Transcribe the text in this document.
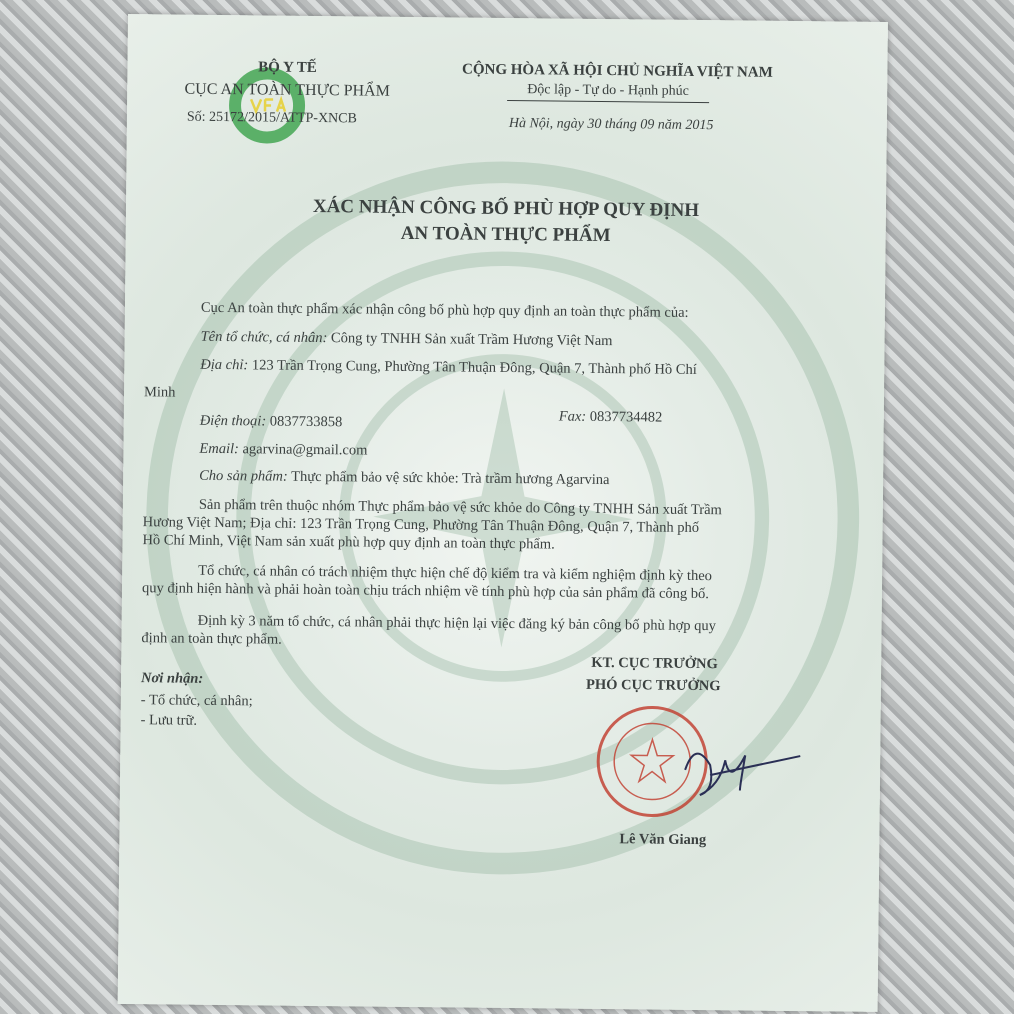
BỘ Y TẾ
CỤC AN TOÀN THỰC PHẨM
Số: 25172/2015/ATTP-XNCB
CỘNG HÒA XÃ HỘI CHỦ NGHĨA VIỆT NAM
Độc lập - Tự do - Hạnh phúc
Hà Nội, ngày 30 tháng 09 năm 2015
XÁC NHẬN CÔNG BỐ PHÙ HỢP QUY ĐỊNH
AN TOÀN THỰC PHẨM
Cục An toàn thực phẩm xác nhận công bố phù hợp quy định an toàn thực phẩm của:
Tên tổ chức, cá nhân: Công ty TNHH Sản xuất Trầm Hương Việt Nam
Địa chỉ: 123 Trần Trọng Cung, Phường Tân Thuận Đông, Quận 7, Thành phố Hồ Chí
Minh
Điện thoại: 0837733858	Fax: 0837734482
Email: agarvina@gmail.com
Cho sản phẩm: Thực phẩm bảo vệ sức khỏe: Trà trầm hương Agarvina
Sản phẩm trên thuộc nhóm Thực phẩm bảo vệ sức khỏe do Công ty TNHH Sản xuất Trầm
Hương Việt Nam; Địa chỉ: 123 Trần Trọng Cung, Phường Tân Thuận Đông, Quận 7, Thành phố
Hồ Chí Minh, Việt Nam sản xuất phù hợp quy định an toàn thực phẩm.
Tổ chức, cá nhân có trách nhiệm thực hiện chế độ kiểm tra và kiểm nghiệm định kỳ theo
quy định hiện hành và phải hoàn toàn chịu trách nhiệm về tính phù hợp của sản phẩm đã công bố.
Định kỳ 3 năm tổ chức, cá nhân phải thực hiện lại việc đăng ký bản công bố phù hợp quy
định an toàn thực phẩm.
Nơi nhận:
- Tổ chức, cá nhân;
- Lưu trữ.
KT. CỤC TRƯỞNG
PHÓ CỤC TRƯỞNG
Lê Văn Giang
